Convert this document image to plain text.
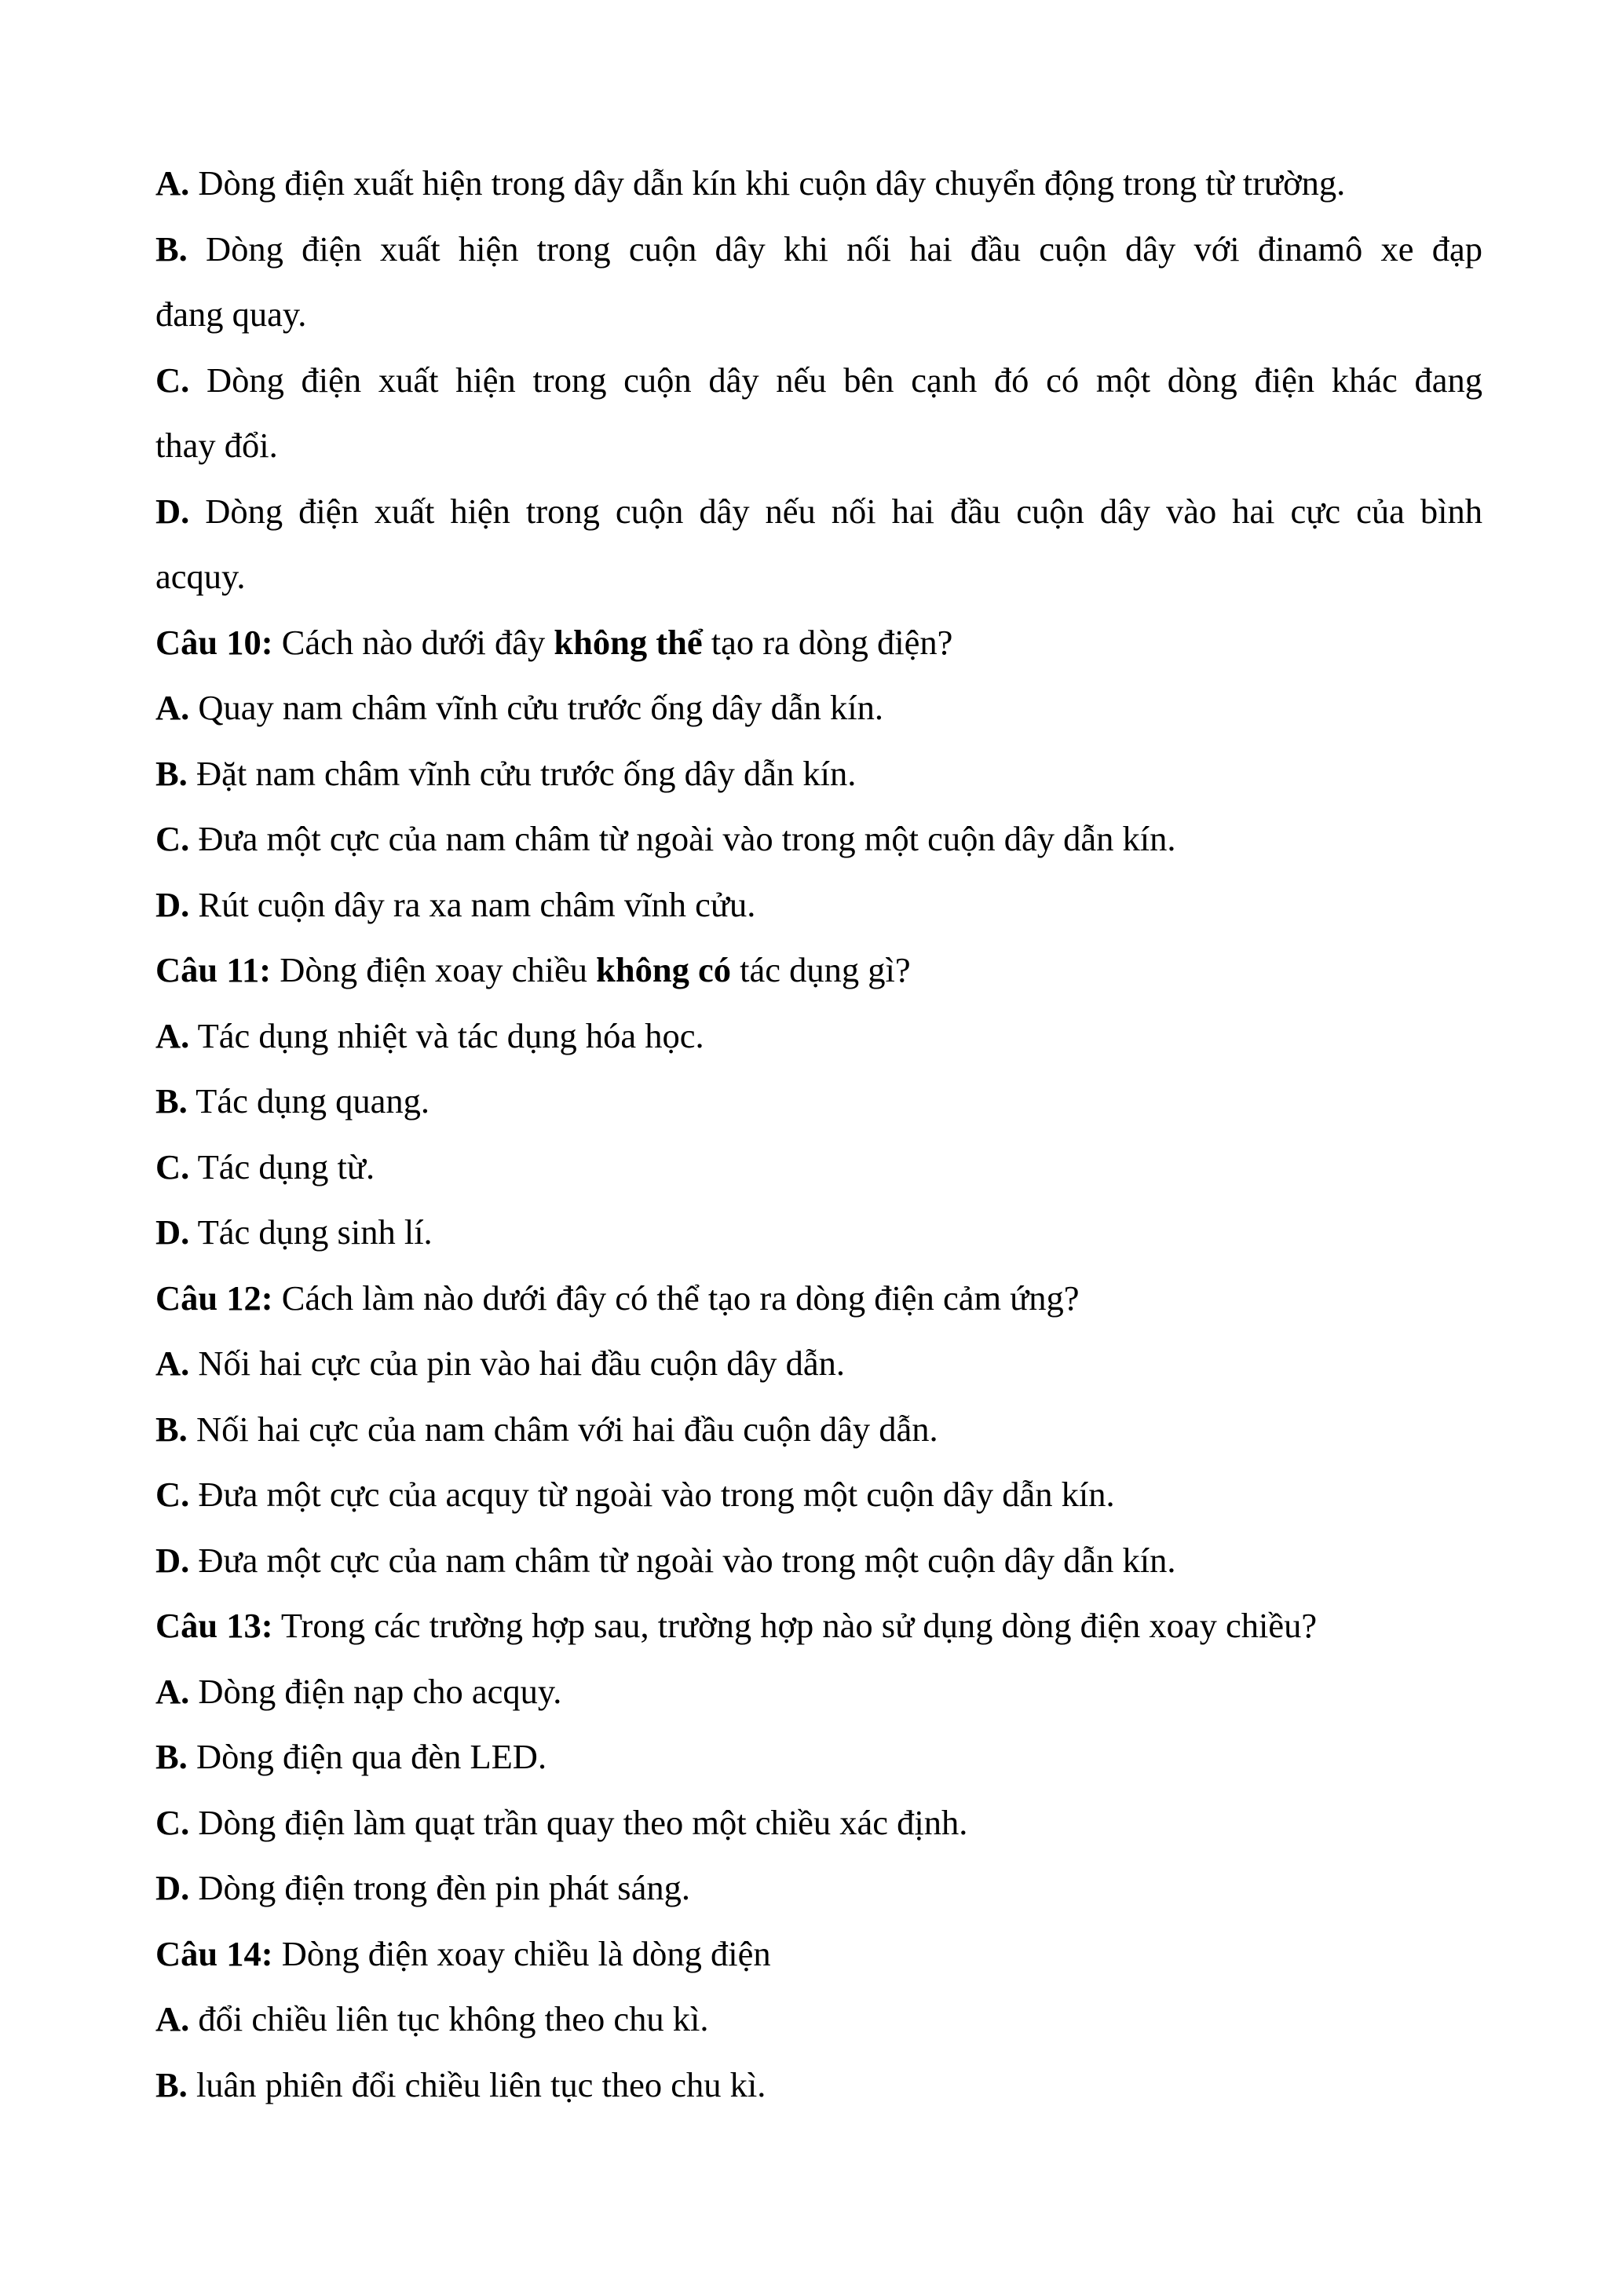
A. Dòng điện xuất hiện trong dây dẫn kín khi cuộn dây chuyển động trong từ trường.
B. Dòng điện xuất hiện trong cuộn dây khi nối hai đầu cuộn dây với đinamô xe đạp
đang quay.
C. Dòng điện xuất hiện trong cuộn dây nếu bên cạnh đó có một dòng điện khác đang
thay đổi.
D. Dòng điện xuất hiện trong cuộn dây nếu nối hai đầu cuộn dây vào hai cực của bình
acquy.
Câu 10: Cách nào dưới đây không thể tạo ra dòng điện?
A. Quay nam châm vĩnh cửu trước ống dây dẫn kín.
B. Đặt nam châm vĩnh cửu trước ống dây dẫn kín.
C. Đưa một cực của nam châm từ ngoài vào trong một cuộn dây dẫn kín.
D. Rút cuộn dây ra xa nam châm vĩnh cửu.
Câu 11: Dòng điện xoay chiều không có tác dụng gì?
A. Tác dụng nhiệt và tác dụng hóa học.
B. Tác dụng quang.
C. Tác dụng từ.
D. Tác dụng sinh lí.
Câu 12: Cách làm nào dưới đây có thể tạo ra dòng điện cảm ứng?
A. Nối hai cực của pin vào hai đầu cuộn dây dẫn.
B. Nối hai cực của nam châm với hai đầu cuộn dây dẫn.
C. Đưa một cực của acquy từ ngoài vào trong một cuộn dây dẫn kín.
D. Đưa một cực của nam châm từ ngoài vào trong một cuộn dây dẫn kín.
Câu 13: Trong các trường hợp sau, trường hợp nào sử dụng dòng điện xoay chiều?
A. Dòng điện nạp cho acquy.
B. Dòng điện qua đèn LED.
C. Dòng điện làm quạt trần quay theo một chiều xác định.
D. Dòng điện trong đèn pin phát sáng.
Câu 14: Dòng điện xoay chiều là dòng điện
A. đổi chiều liên tục không theo chu kì.
B. luân phiên đổi chiều liên tục theo chu kì.
